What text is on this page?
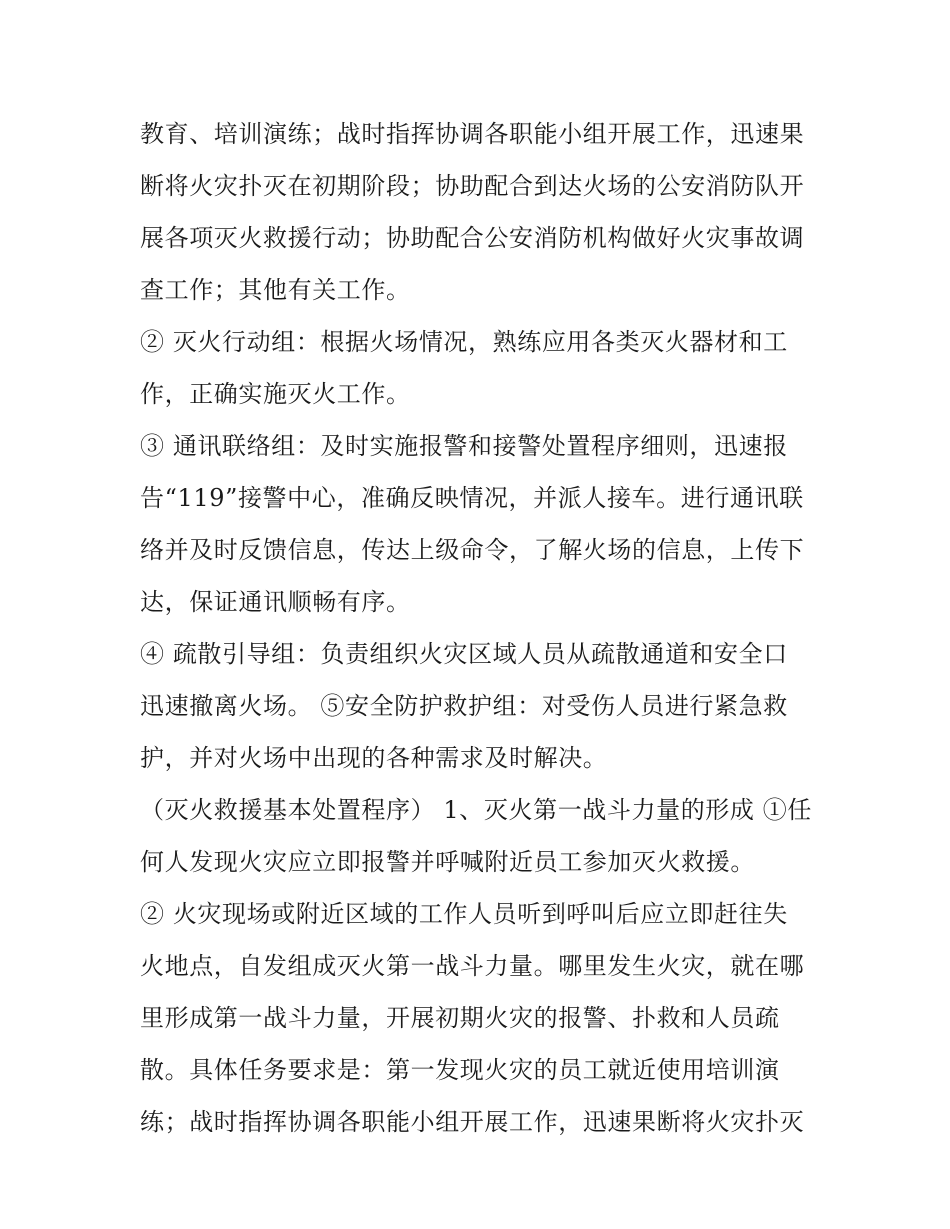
教育、培训演练；战时指挥协调各职能小组开展工作，迅速果
断将火灾扑灭在初期阶段；协助配合到达火场的公安消防队开
展各项灭火救援行动；协助配合公安消防机构做好火灾事故调
查工作；其他有关工作。
② 灭火行动组：根据火场情况，熟练应用各类灭火器材和工
作，正确实施灭火工作。
③ 通讯联络组：及时实施报警和接警处置程序细则，迅速报
告“119”接警中心，准确反映情况，并派人接车。进行通讯联
络并及时反馈信息，传达上级命令，了解火场的信息，上传下
达，保证通讯顺畅有序。
④ 疏散引导组：负责组织火灾区域人员从疏散通道和安全口
迅速撤离火场。 ⑤安全防护救护组：对受伤人员进行紧急救
护，并对火场中出现的各种需求及时解决。
（灭火救援基本处置程序） 1、灭火第一战斗力量的形成 ①任
何人发现火灾应立即报警并呼喊附近员工参加灭火救援。
② 火灾现场或附近区域的工作人员听到呼叫后应立即赶往失
火地点，自发组成灭火第一战斗力量。哪里发生火灾，就在哪
里形成第一战斗力量，开展初期火灾的报警、扑救和人员疏
散。具体任务要求是：第一发现火灾的员工就近使用培训演
练；战时指挥协调各职能小组开展工作，迅速果断将火灾扑灭
